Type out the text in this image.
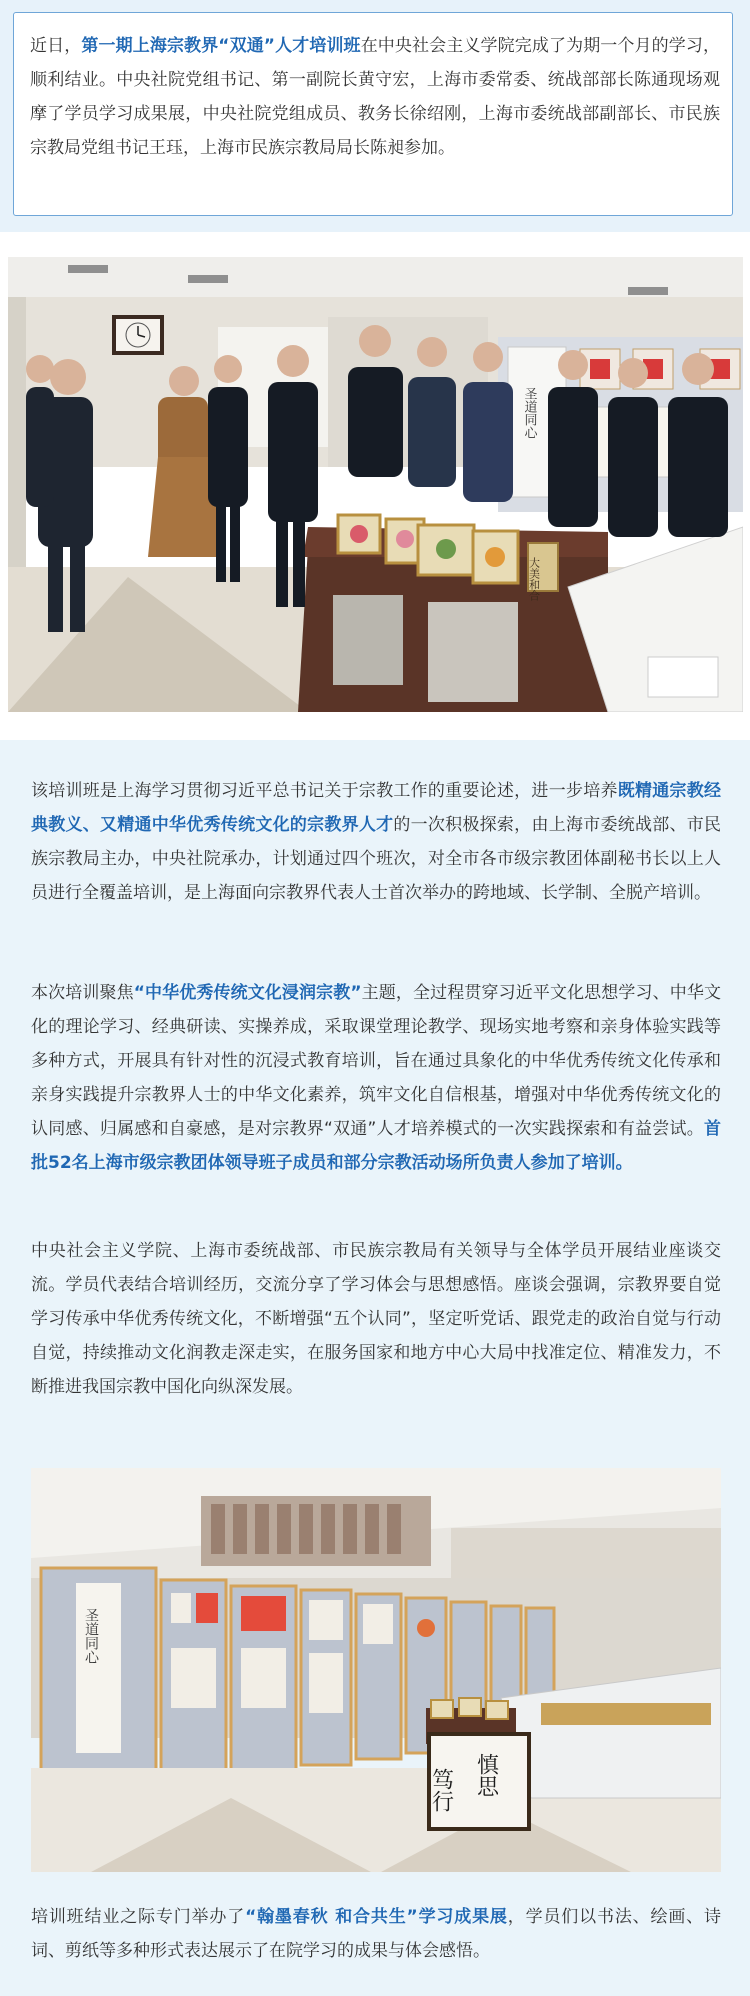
近日，第一期上海宗教界“双通”人才培训班在中央社会主义学院完成了为期一个月的学习，顺利结业。中央社院党组书记、第一副院长黄守宏，上海市委常委、统战部部长陈通现场观摩了学员学习成果展，中央社院党组成员、教务长徐绍刚，上海市委统战部副部长、市民族宗教局党组书记王珏，上海市民族宗教局局长陈昶参加。

圣道同心
大美和合

该培训班是上海学习贯彻习近平总书记关于宗教工作的重要论述，进一步培养既精通宗教经典教义、又精通中华优秀传统文化的宗教界人才的一次积极探索，由上海市委统战部、市民族宗教局主办，中央社院承办，计划通过四个班次，对全市各市级宗教团体副秘书长以上人员进行全覆盖培训，是上海面向宗教界代表人士首次举办的跨地域、长学制、全脱产培训。

本次培训聚焦“中华优秀传统文化浸润宗教”主题，全过程贯穿习近平文化思想学习、中华文化的理论学习、经典研读、实操养成，采取课堂理论教学、现场实地考察和亲身体验实践等多种方式，开展具有针对性的沉浸式教育培训，旨在通过具象化的中华优秀传统文化传承和亲身实践提升宗教界人士的中华文化素养，筑牢文化自信根基，增强对中华优秀传统文化的认同感、归属感和自豪感，是对宗教界“双通”人才培养模式的一次实践探索和有益尝试。首批52名上海市级宗教团体领导班子成员和部分宗教活动场所负责人参加了培训。

中央社会主义学院、上海市委统战部、市民族宗教局有关领导与全体学员开展结业座谈交流。学员代表结合培训经历，交流分享了学习体会与思想感悟。座谈会强调，宗教界要自觉学习传承中华优秀传统文化，不断增强“五个认同”，坚定听党话、跟党走的政治自觉与行动自觉，持续推动文化润教走深走实，在服务国家和地方中心大局中找准定位、精准发力，不断推进我国宗教中国化向纵深发展。

圣道同心
笃行 慎思

培训班结业之际专门举办了“翰墨春秋 和合共生”学习成果展，学员们以书法、绘画、诗词、剪纸等多种形式表达展示了在院学习的成果与体会感悟。
